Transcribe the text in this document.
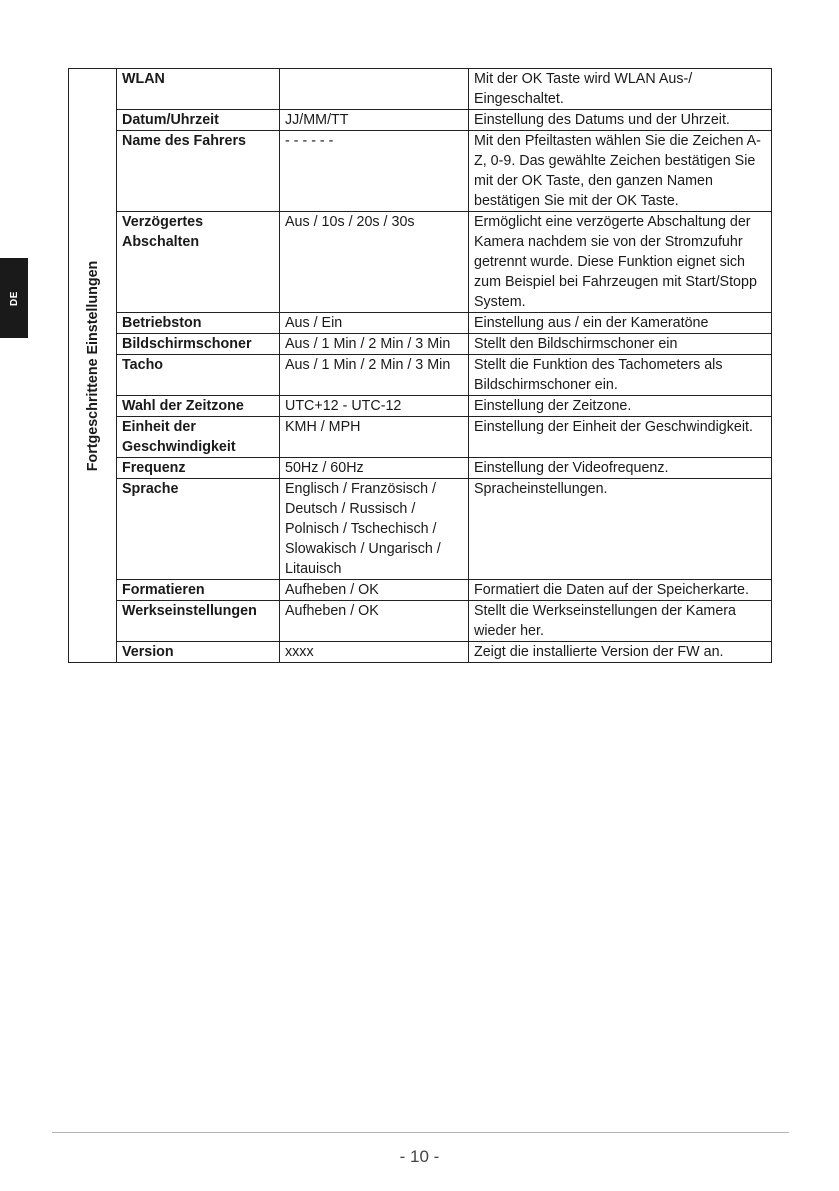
DE	Fortgeschrittene Einstellungen	WLAN		Mit der OK Taste wird WLAN Aus-/ Eingeschaltet.
	Datum/Uhrzeit	JJ/MM/TT	Einstellung des Datums und der Uhrzeit.
	Name des Fahrers	- - - - - -	Mit den Pfeiltasten wählen Sie die Zeichen A-Z, 0-9. Das gewählte Zeichen bestätigen Sie mit der OK Taste, den ganzen Namen bestätigen Sie mit der OK Taste.
	Verzögertes Abschalten	Aus / 10s / 20s / 30s	Ermöglicht eine verzögerte Abschaltung der Kamera nachdem sie von der Stromzufuhr getrennt wurde. Diese Funktion eignet sich zum Beispiel bei Fahrzeugen mit Start/Stopp System.
	Betriebston	Aus / Ein	Einstellung aus / ein der Kameratöne
	Bildschirmschoner	Aus / 1 Min / 2 Min / 3 Min	Stellt den Bildschirmschoner ein
	Tacho	Aus / 1 Min / 2 Min / 3 Min	Stellt die Funktion des Tachometers als Bildschirmschoner ein.
	Wahl der Zeitzone	UTC+12 - UTC-12	Einstellung der Zeitzone.
	Einheit der Geschwindigkeit	KMH / MPH	Einstellung der Einheit der Geschwindigkeit.
	Frequenz	50Hz / 60Hz	Einstellung der Videofrequenz.
	Sprache	Englisch / Französisch / Deutsch / Russisch / Polnisch / Tschechisch / Slowakisch / Ungarisch / Litauisch	Spracheinstellungen.
	Formatieren	Aufheben / OK	Formatiert die Daten auf der Speicherkarte.
	Werkseinstellungen	Aufheben / OK	Stellt die Werkseinstellungen der Kamera wieder her.
	Version	xxxx	Zeigt die installierte Version der FW an.
- 10 -
